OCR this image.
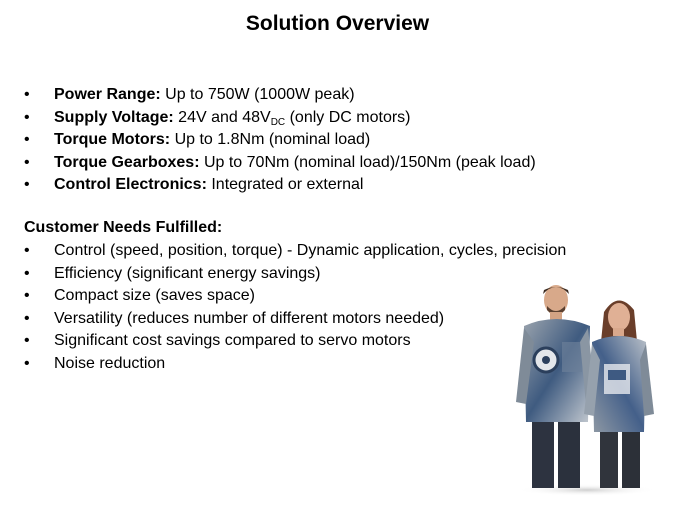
Solution Overview
• Power Range: Up to 750W (1000W peak)
• Supply Voltage: 24V and $48V_{DC}$ (only DC motors)
• Torque Motors: Up to 1.8Nm (nominal load)
• Torque Gearboxes: Up to 70Nm (nominal load)/150Nm (peak load)
• Control Electronics: Integrated or external
Customer Needs Fulfilled:
• Control (speed, position, torque) - Dynamic application, cycles, precision
• Efficiency (significant energy savings)
• Compact size (saves space)
• Versatility (reduces number of different motors needed)
• Significant cost savings compared to servo motors
• Noise reduction
